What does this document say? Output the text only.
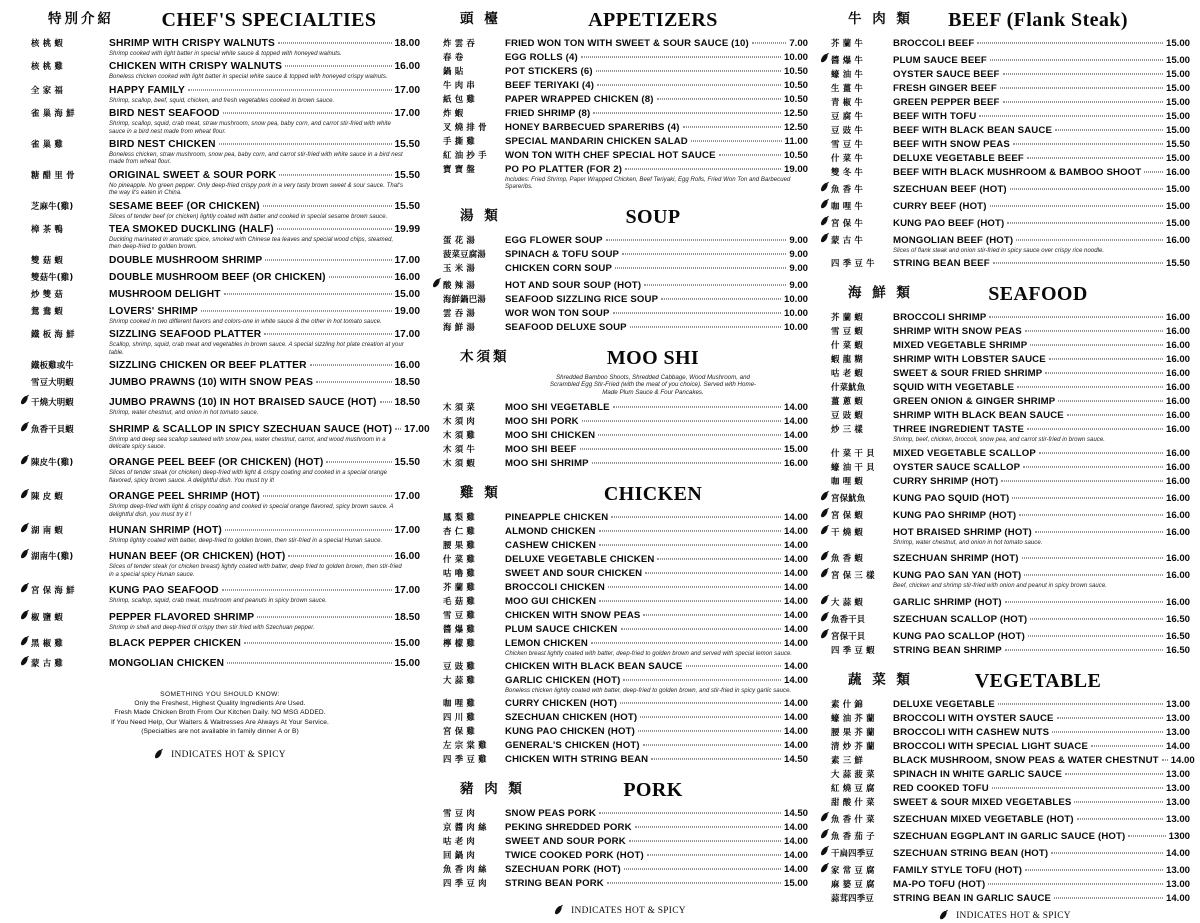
特別介紹	CHEF'S SPECIALTIES
核 桃 蝦	SHRIMP WITH CRISPY WALNUTS	18.00
Shrimp cooked with light batter in special white sauce & topped with honeyed walnuts.
核 桃 雞	CHICKEN WITH CRISPY WALNUTS	16.00
Boneless chicken cooked with light batter in special white sauce & topped with honeyed crispy walnuts.
全 家 福	HAPPY FAMILY	17.00
Shrimp, scallop, beef, squid, chicken, and fresh vegetables cooked in brown sauce.
雀 巢 海 鮮	BIRD NEST SEAFOOD	17.00
Shrimp, scallop, squid, crab meat, straw mushroom, snow pea, baby corn, and carrot stir-fried with white sauce in a bird nest made from wheat flour.
雀 巢 雞	BIRD NEST CHICKEN	15.50
Boneless chicken, straw mushroom, snow pea, baby corn, and carrot stir-fried with white sauce in a bird nest made from wheat flour.
糖 醋 里 骨	ORIGINAL SWEET & SOUR PORK	15.50
No pineapple. No green pepper. Only deep-fried crispy pork in a very tasty brown sweet & sour sauce. That's the way it's eaten in China.
芝麻牛(雞)	SESAME BEEF (OR CHICKEN)	15.50
Slices of tender beef (or chicken) lightly coated with batter and cooked in special sesame brown sauce.
樟 茶 鴨	TEA SMOKED DUCKLING (HALF)	19.99
Duckling marinated in aromatic spice, smoked with Chinese tea leaves and special wood chips, steamed, then deep-fried to golden brown.
雙 菇 蝦	DOUBLE MUSHROOM SHRIMP	17.00
雙菇牛(雞)	DOUBLE MUSHROOM BEEF (OR CHICKEN)	16.00
炒 雙 菇	MUSHROOM DELIGHT	15.00
鴛 鴦 蝦	LOVERS' SHRIMP	19.00
Shrimp cooked in two different flavors and colors-one in white sauce & the other in hot tomato sauce.
鐵 板 海 鮮	SIZZLING SEAFOOD PLATTER	17.00
Scallop, shrimp, squid, crab meat and vegetables in brown sauce. A special sizzling hot plate creation at your table.
鐵板雞或牛	SIZZLING CHICKEN OR BEEF PLATTER	16.00
雪豆大明蝦	JUMBO PRAWNS (10) WITH SNOW PEAS	18.50
干燒大明蝦	JUMBO PRAWNS (10) IN HOT BRAISED SAUCE (HOT) 18.50
Shrimp, water chestnut, and onion in hot tomato sauce.
魚香干貝蝦	SHRIMP & SCALLOP IN SPICY SZECHUAN SAUCE (HOT) 17.00
Shrimp and deep sea scallop sauteed with snow pea, water chestnut, carrot, and wood mushroom in a delicate spicy sauce.
陳皮牛(雞)	ORANGE PEEL BEEF (OR CHICKEN) (HOT)	15.50
Slices of tender steak (or chicken) deep-fried with light & crispy coating and cooked in a special orange flavored, spicy brown sauce. A delightful dish. You must try it!
陳 皮 蝦	ORANGE PEEL SHRIMP (HOT)	17.00
Shrimp deep-fried with light & crispy coating and cooked in special orange flavored, spicy brown sauce. A delightful dish, you must try it !
湖 南 蝦	HUNAN SHRIMP (HOT)	17.00
Shrimp lightly coated with batter, deep-fried to golden brown, then stir-fried in a special Hunan sauce.
湖南牛(雞)	HUNAN BEEF (OR CHICKEN) (HOT)	16.00
Slices of tender steak (or chicken breast) lightly coated with batter, deep fried to golden brown, then stir-fried in a special spicy Hunan sauce.
宮 保 海 鮮	KUNG PAO SEAFOOD	17.00
Shrimp, scallop, squid, crab meat, mushroom and peanuts in spicy brown sauce.
椒 鹽 蝦	PEPPER FLAVORED SHRIMP	18.50
Shrimp in shell and deep-fried til crispy then stir fried with Szechuan pepper.
黑 椒 雞	BLACK PEPPER CHICKEN	15.00
蒙 古 雞	MONGOLIAN CHICKEN	15.00
SOMETHING YOU SHOULD KNOW:
Only the Freshest, Highest Quality Ingredients Are Used.
Fresh Made Chicken Broth From Our Kitchen Daily. NO MSG ADDED.
If You Need Help, Our Waiters & Waitresses Are Always At Your Service.
(Specialties are not available in family dinner A or B)
INDICATES HOT & SPICY
頭 檯	APPETIZERS
炸 雲 吞	FRIED WON TON WITH SWEET & SOUR SAUCE (10)	7.00
春 卷	EGG ROLLS (4)	10.00
鍋 貼	POT STICKERS (6)	10.50
牛 肉 串	BEEF TERIYAKI (4)	10.50
紙 包 雞	PAPER WRAPPED CHICKEN (8)	10.50
炸 蝦	FRIED SHRIMP (8)	12.50
叉 燒 排 骨	HONEY BARBECUED SPARERIBS (4)	12.50
手 撕 雞	SPECIAL MANDARIN CHICKEN SALAD	11.00
紅 油 抄 手	WON TON WITH CHEF SPECIAL HOT SAUCE	10.50
寶 寶 盤	PO PO PLATTER (FOR 2)	19.00
Includes: Fried Shrimp, Paper Wrapped Chicken, Beef Teriyaki, Egg Rolls, Fried Won Ton and Barbecued Spareribs.
湯 類	SOUP
蛋 花 湯	EGG FLOWER SOUP	9.00
菠菜豆腐湯	SPINACH & TOFU SOUP	9.00
玉 米 湯	CHICKEN CORN SOUP	9.00
酸 辣 湯	HOT AND SOUR SOUP (HOT)	9.00
海鮮鍋巴湯	SEAFOOD SIZZLING RICE SOUP	10.00
雲 吞 湯	WOR WON TON SOUP	10.00
海 鮮 湯	SEAFOOD DELUXE SOUP	10.00
木須類	MOO SHI
Shredded Bamboo Shoots, Shredded Cabbage, Wood Mushroom, and Scrambled Egg Stir-Fried (with the meat of you choice). Served with Home-Made Plum Sauce & Four Pancakes.
木 須 菜	MOO SHI VEGETABLE	14.00
木 須 肉	MOO SHI PORK	14.00
木 須 雞	MOO SHI CHICKEN	14.00
木 須 牛	MOO SHI BEEF	15.00
木 須 蝦	MOO SHI SHRIMP	16.00
雞 類	CHICKEN
鳳 梨 雞	PINEAPPLE CHICKEN	14.00
杏 仁 雞	ALMOND CHICKEN	14.00
腰 果 雞	CASHEW CHICKEN	14.00
什 菜 雞	DELUXE VEGETABLE CHICKEN	14.00
咕 嚕 雞	SWEET AND SOUR CHICKEN	14.00
芥 蘭 雞	BROCCOLI CHICKEN	14.00
毛 菇 雞	MOO GUI CHICKEN	14.00
雪 豆 雞	CHICKEN WITH SNOW PEAS	14.00
醬 爆 雞	PLUM SAUCE CHICKEN	14.00
檸 檬 雞	LEMON CHICKEN	14.00
Chicken breast lightly coated with batter, deep-fried to golden brown and served with special lemon sauce.
豆 豉 雞	CHICKEN WITH BLACK BEAN SAUCE	14.00
大 蒜 雞	GARLIC CHICKEN (HOT)	14.00
Boneless chicken lightly coated with batter, deep-fried to golden brown, and stir-fried in spicy garlic sauce.
咖 哩 雞	CURRY CHICKEN (HOT)	14.00
四 川 雞	SZECHUAN CHICKEN (HOT)	14.00
宮 保 雞	KUNG PAO CHICKEN (HOT)	14.00
左 宗 棠 雞	GENERAL'S CHICKEN (HOT)	14.00
四 季 豆 雞	CHICKEN WITH STRING BEAN	14.50
豬 肉 類	PORK
雪 豆 肉	SNOW PEAS PORK	14.50
京 醬 肉 絲	PEKING SHREDDED PORK	14.00
咕 老 肉	SWEET AND SOUR PORK	14.00
回 鍋 肉	TWICE COOKED PORK (HOT)	14.00
魚 香 肉 絲	SZECHUAN PORK (HOT)	14.00
四 季 豆 肉	STRING BEAN PORK	15.00
INDICATES HOT & SPICY
牛 肉 類	BEEF (Flank Steak)
芥 蘭 牛	BROCCOLI BEEF	15.00
醬 爆 牛	PLUM SAUCE BEEF	15.00
蠔 油 牛	OYSTER SAUCE BEEF	15.00
生 薑 牛	FRESH GINGER BEEF	15.00
青 椒 牛	GREEN PEPPER BEEF	15.00
豆 腐 牛	BEEF WITH TOFU	15.00
豆 豉 牛	BEEF WITH BLACK BEAN SAUCE	15.00
雪 豆 牛	BEEF WITH SNOW PEAS	15.50
什 菜 牛	DELUXE VEGETABLE BEEF	15.00
雙 冬 牛	BEEF WITH BLACK MUSHROOM & BAMBOO SHOOT	16.00
魚 香 牛	SZECHUAN BEEF (HOT)	15.00
咖 哩 牛	CURRY BEEF (HOT)	15.00
宮 保 牛	KUNG PAO BEEF (HOT)	15.00
蒙 古 牛	MONGOLIAN BEEF (HOT)	16.00
Slices of flank steak and onion stir-fried in spicy sauce over crispy rice noodle.
四 季 豆 牛	STRING BEAN BEEF	15.50
海 鮮 類	SEAFOOD
芥 蘭 蝦	BROCCOLI SHRIMP	16.00
雪 豆 蝦	SHRIMP WITH SNOW PEAS	16.00
什 菜 蝦	MIXED VEGETABLE SHRIMP	16.00
蝦 龍 糊	SHRIMP WITH LOBSTER SAUCE	16.00
咕 老 蝦	SWEET & SOUR FRIED SHRIMP	16.00
什菜魷魚	SQUID WITH VEGETABLE	16.00
薑 蔥 蝦	GREEN ONION & GINGER SHRIMP	16.00
豆 豉 蝦	SHRIMP WITH BLACK BEAN SAUCE	16.00
炒 三 樣	THREE INGREDIENT TASTE	16.00
Shrimp, beef, chicken, broccoli, snow pea, and carrot stir-fried in brown sauce.
什 菜 干 貝	MIXED VEGETABLE SCALLOP	16.00
蠔 油 干 貝	OYSTER SAUCE SCALLOP	16.00
咖 哩 蝦	CURRY SHRIMP (HOT)	16.00
宮保魷魚	KUNG PAO SQUID (HOT)	16.00
宮 保 蝦	KUNG PAO SHRIMP (HOT)	16.00
干 燒 蝦	HOT BRAISED SHRIMP (HOT)	16.00
Shrimp, water chestnut, and onion in hot tomato sauce.
魚 香 蝦	SZECHUAN SHRIMP (HOT)	16.00
宮 保 三 樣	KUNG PAO SAN YAN (HOT)	16.00
Beef, chicken and shrimp stir-fried with onion and peanut in spicy brown sauce.
大 蒜 蝦	GARLIC SHRIMP (HOT)	16.00
魚香干貝	SZECHUAN SCALLOP (HOT)	16.50
宮保干貝	KUNG PAO SCALLOP (HOT)	16.50
四 季 豆 蝦	STRING BEAN SHRIMP	16.50
蔬 菜 類	VEGETABLE
素 什 錦	DELUXE VEGETABLE	13.00
蠔 油 芥 蘭	BROCCOLI WITH OYSTER SAUCE	13.00
腰 果 芥 蘭	BROCCOLI WITH CASHEW NUTS	13.00
清 炒 芥 蘭	BROCCOLI WITH SPECIAL LIGHT SUACE	14.00
素 三 鮮	BLACK MUSHROOM, SNOW PEAS & WATER CHESTNUT	14.00
大 蒜 菠 菜	SPINACH IN WHITE GARLIC SAUCE	13.00
紅 燒 豆 腐	RED COOKED TOFU	13.00
甜 酸 什 菜	SWEET & SOUR MIXED VEGETABLES	13.00
魚 香 什 菜	SZECHUAN MIXED VEGETABLE (HOT)	13.00
魚 香 茄 子	SZECHUAN EGGPLANT IN GARLIC SAUCE (HOT)	1300
干扁四季豆	SZECHUAN STRING BEAN (HOT)	14.00
家 常 豆 腐	FAMILY STYLE TOFU (HOT)	13.00
麻 婆 豆 腐	MA-PO TOFU (HOT)	13.00
蒜茸四季豆	STRING BEAN IN GARLIC SAUCE	14.00
INDICATES HOT & SPICY
